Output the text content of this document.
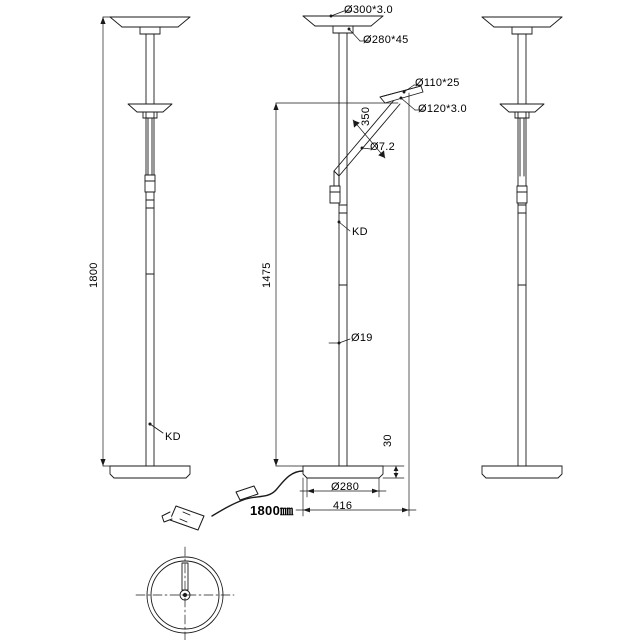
1800
KD
Ø300*3.0
Ø280*45
Ø110*25
Ø120*3.0
350
Ø7.2
KD
1475
Ø19
30
Ø280
416
1800㎜
